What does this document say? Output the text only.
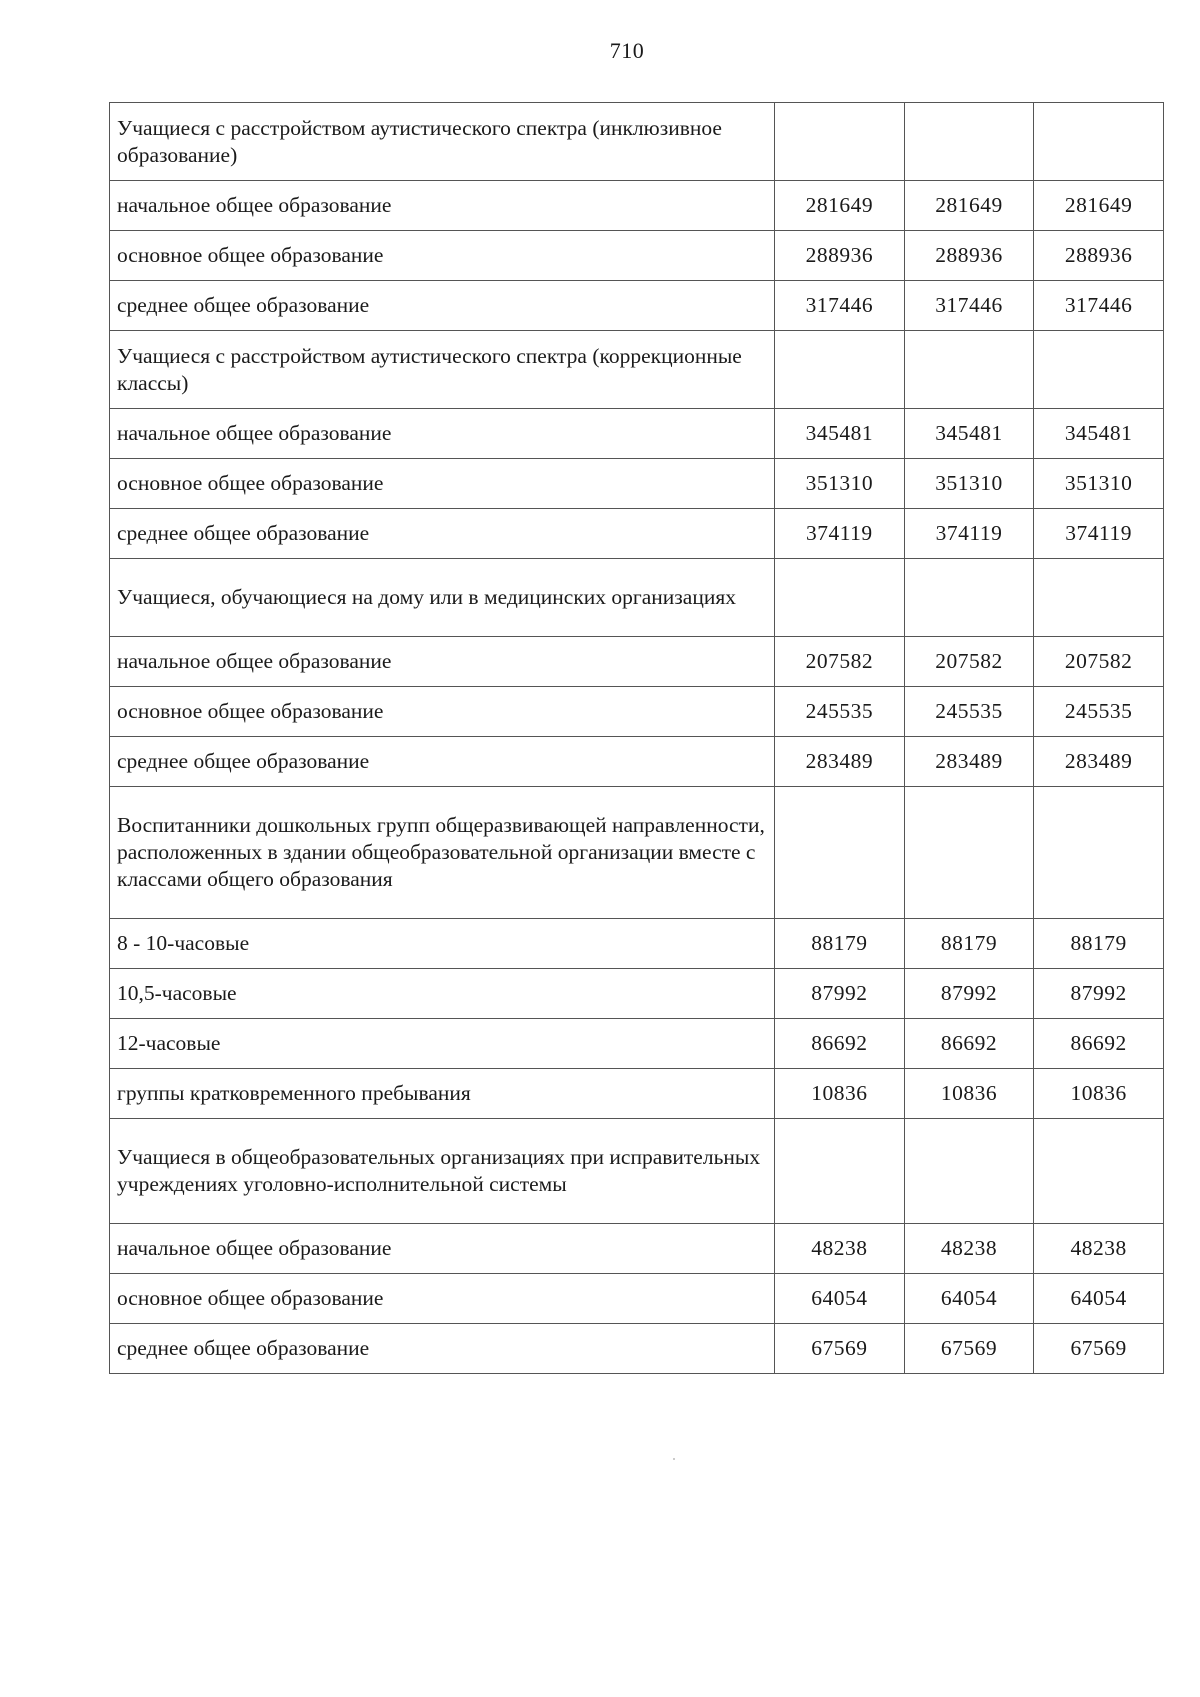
710
Учащиеся с расстройством аутистического спектра (инклюзивное образование)			
начальное общее образование	281649	281649	281649
основное общее образование	288936	288936	288936
среднее общее образование	317446	317446	317446
Учащиеся с расстройством аутистического спектра (коррекционные классы)			
начальное общее образование	345481	345481	345481
основное общее образование	351310	351310	351310
среднее общее образование	374119	374119	374119
Учащиеся, обучающиеся на дому или в медицинских организациях			
начальное общее образование	207582	207582	207582
основное общее образование	245535	245535	245535
среднее общее образование	283489	283489	283489
Воспитанники дошкольных групп общеразвивающей направленности, расположенных в здании общеобразовательной организации вместе с классами общего образования			
8 - 10-часовые	88179	88179	88179
10,5-часовые	87992	87992	87992
12-часовые	86692	86692	86692
группы кратковременного пребывания	10836	10836	10836
Учащиеся в общеобразовательных организациях при исправительных учреждениях уголовно-исполнительной системы			
начальное общее образование	48238	48238	48238
основное общее образование	64054	64054	64054
среднее общее образование	67569	67569	67569
